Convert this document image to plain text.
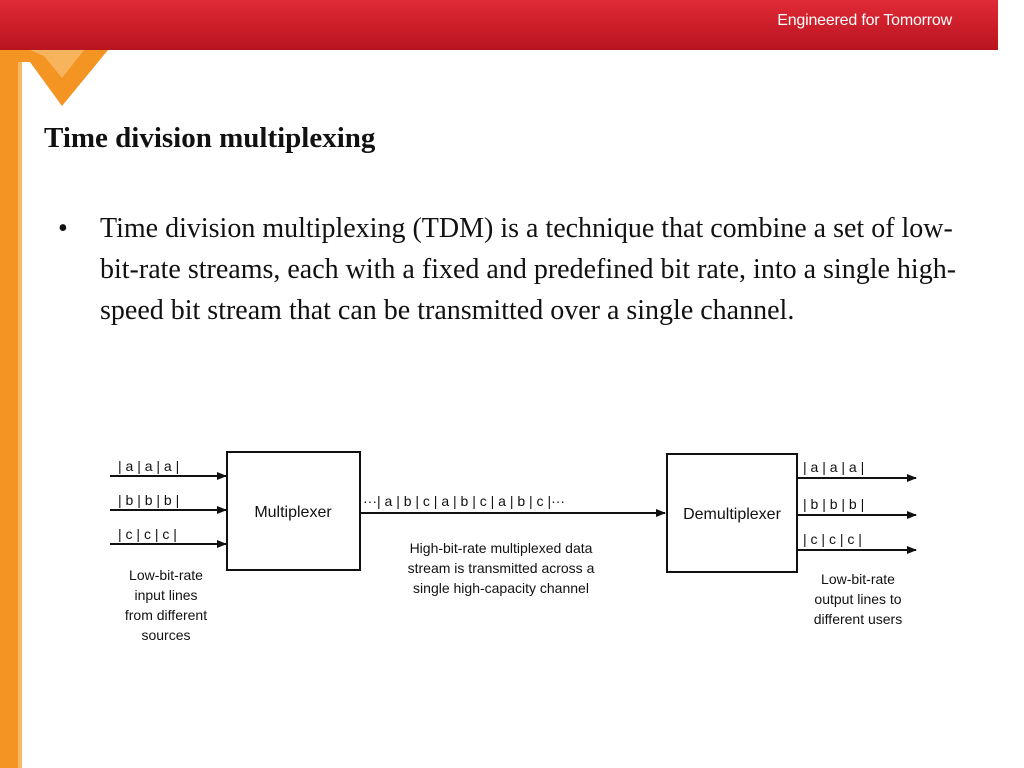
Engineered for Tomorrow
Time division multiplexing
•	Time division multiplexing (TDM) is a technique that combine a set of low-bit-rate streams, each with a fixed and predefined bit rate, into a single high-speed bit stream that can be transmitted over a single channel.
| a | a | a |
| b | b | b |
| c | c | c |
Multiplexer
···| a | b | c | a | b | c | a | b | c |···
High-bit-rate multiplexed data
stream is transmitted across a
single high-capacity channel
Demultiplexer
| a | a | a |
| b | b | b |
| c | c | c |
Low-bit-rate
input lines
from different
sources
Low-bit-rate
output lines to
different users
